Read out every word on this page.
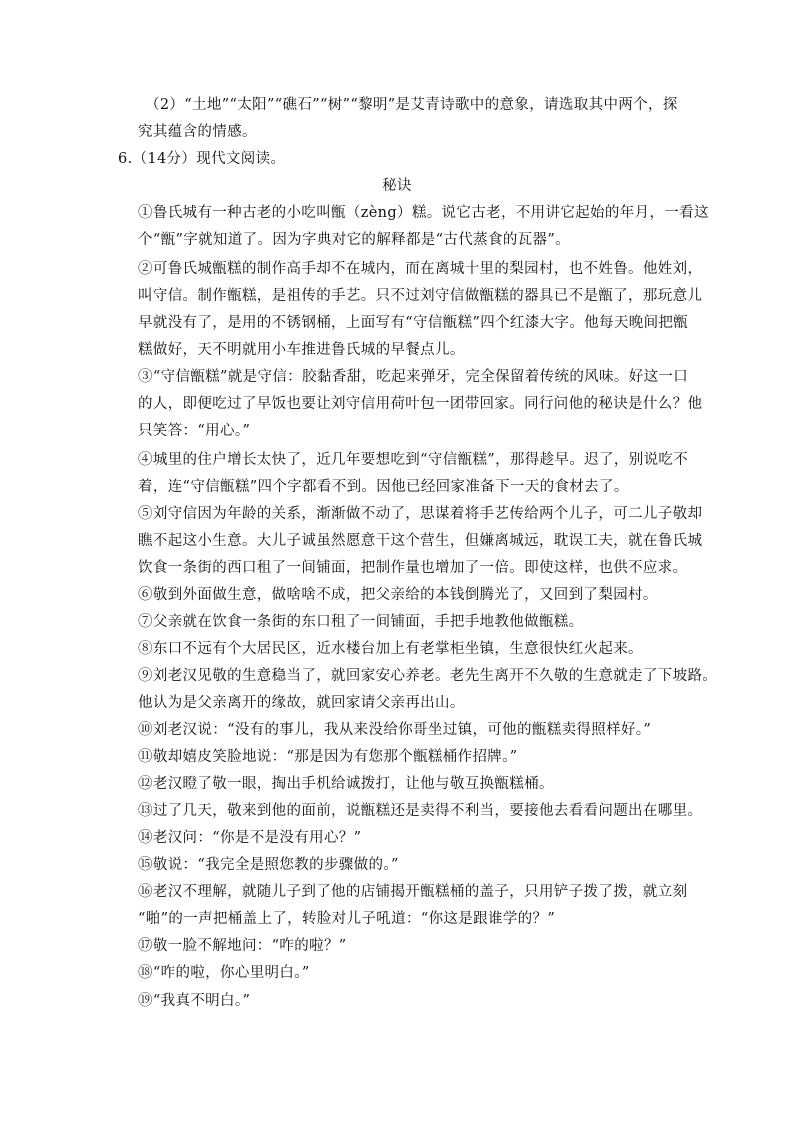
（2）“土地”“太阳”“礁石”“树”“黎明”是艾青诗歌中的意象，请选取其中两个，探
究其蕴含的情感。
6.（14分）现代文阅读。
秘诀
①鲁氏城有一种古老的小吃叫甑（zèng）糕。说它古老，不用讲它起始的年月，一看这
个“甑”字就知道了。因为字典对它的解释都是“古代蒸食的瓦器”。
②可鲁氏城甑糕的制作高手却不在城内，而在离城十里的梨园村，也不姓鲁。他姓刘，
叫守信。制作甑糕，是祖传的手艺。只不过刘守信做甑糕的器具已不是甑了，那玩意儿
早就没有了，是用的不锈钢桶，上面写有“守信甑糕”四个红漆大字。他每天晚间把甑
糕做好，天不明就用小车推进鲁氏城的早餐点儿。
③“守信甑糕”就是守信：胶黏香甜，吃起来弹牙，完全保留着传统的风味。好这一口
的人，即便吃过了早饭也要让刘守信用荷叶包一团带回家。同行问他的秘诀是什么？他
只笑答：“用心。”
④城里的住户增长太快了，近几年要想吃到“守信甑糕”，那得趁早。迟了，别说吃不
着，连“守信甑糕”四个字都看不到。因他已经回家准备下一天的食材去了。
⑤刘守信因为年龄的关系，渐渐做不动了，思谋着将手艺传给两个儿子，可二儿子敬却
瞧不起这小生意。大儿子诚虽然愿意干这个营生，但嫌离城远，耽误工夫，就在鲁氏城
饮食一条街的西口租了一间铺面，把制作量也增加了一倍。即使这样，也供不应求。
⑥敬到外面做生意，做啥啥不成，把父亲给的本钱倒腾光了，又回到了梨园村。
⑦父亲就在饮食一条街的东口租了一间铺面，手把手地教他做甑糕。
⑧东口不远有个大居民区，近水楼台加上有老掌柜坐镇，生意很快红火起来。
⑨刘老汉见敬的生意稳当了，就回家安心养老。老先生离开不久敬的生意就走了下坡路。
他认为是父亲离开的缘故，就回家请父亲再出山。
⑩刘老汉说：“没有的事儿，我从来没给你哥坐过镇，可他的甑糕卖得照样好。”
⑪敬却嬉皮笑脸地说：“那是因为有您那个甑糕桶作招牌。”
⑫老汉瞪了敬一眼，掏出手机给诚拨打，让他与敬互换甑糕桶。
⑬过了几天，敬来到他的面前，说甑糕还是卖得不利当，要接他去看看问题出在哪里。
⑭老汉问：“你是不是没有用心？”
⑮敬说：“我完全是照您教的步骤做的。”
⑯老汉不理解，就随儿子到了他的店铺揭开甑糕桶的盖子，只用铲子拨了拨，就立刻
“啪”的一声把桶盖上了，转脸对儿子吼道：“你这是跟谁学的？”
⑰敬一脸不解地问：“咋的啦？”
⑱“咋的啦，你心里明白。”
⑲“我真不明白。”
